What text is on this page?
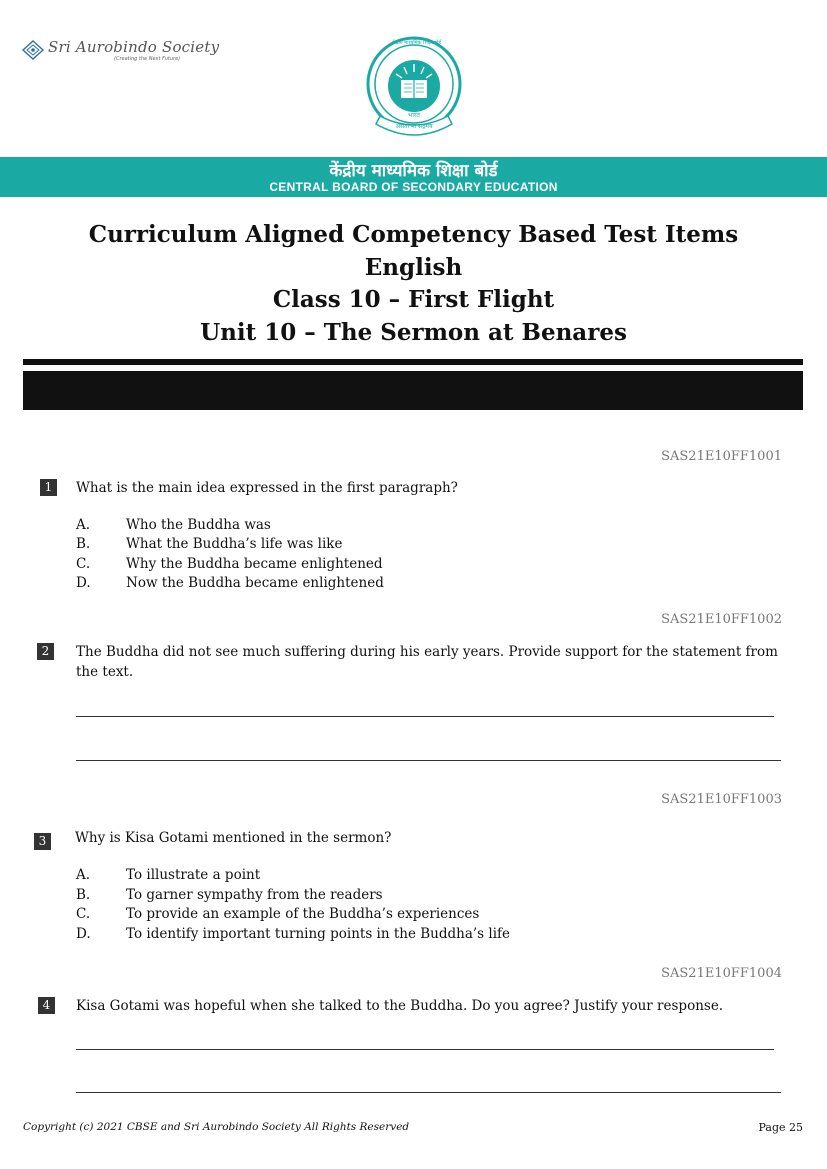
Sri Aurobindo Society
(Creating the Next Future)
केंद्रीय माध्यमिक शिक्षा बोर्ड
भारत
असतो मा सद्गमय
केंद्रीय माध्यमिक शिक्षा बोर्ड
CENTRAL BOARD OF SECONDARY EDUCATION
Curriculum Aligned Competency Based Test Items
English
Class 10 – First Flight
Unit 10 – The Sermon at Benares
SAS21E10FF1001
1	What is the main idea expressed in the first paragraph?
A.	Who the Buddha was
B.	What the Buddha’s life was like
C.	Why the Buddha became enlightened
D.	Now the Buddha became enlightened
SAS21E10FF1002
2	The Buddha did not see much suffering during his early years. Provide support for the statement from the text.
SAS21E10FF1003
3	Why is Kisa Gotami mentioned in the sermon?
A.	To illustrate a point
B.	To garner sympathy from the readers
C.	To provide an example of the Buddha’s experiences
D.	To identify important turning points in the Buddha’s life
SAS21E10FF1004
4	Kisa Gotami was hopeful when she talked to the Buddha. Do you agree? Justify your response.
Copyright (c) 2021 CBSE and Sri Aurobindo Society All Rights Reserved	Page 25
